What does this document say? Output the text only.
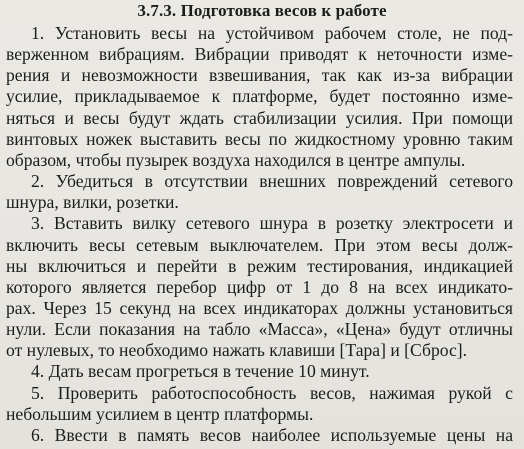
3.7.3. Подготовка весов к работе
1. Установить весы на устойчивом рабочем столе, не под-
верженном вибрациям. Вибрации приводят к неточности изме-
рения и невозможности взвешивания, так как из-за вибрации
усилие, прикладываемое к платформе, будет постоянно изме-
няться и весы будут ждать стабилизации усилия. При помощи
винтовых ножек выставить весы по жидкостному уровню таким
образом, чтобы пузырек воздуха находился в центре ампулы.
2. Убедиться в отсутствии внешних повреждений сетевого
шнура, вилки, розетки.
3. Вставить вилку сетевого шнура в розетку электросети и
включить весы сетевым выключателем. При этом весы долж-
ны включиться и перейти в режим тестирования, индикацией
которого является перебор цифр от 1 до 8 на всех индикато-
рах. Через 15 секунд на всех индикаторах должны установиться
нули. Если показания на табло «Масса», «Цена» будут отличны
от нулевых, то необходимо нажать клавиши [Тара] и [Сброс].
4. Дать весам прогреться в течение 10 минут.
5. Проверить работоспособность весов, нажимая рукой с
небольшим усилием в центр платформы.
6. Ввести в память весов наиболее используемые цены на
